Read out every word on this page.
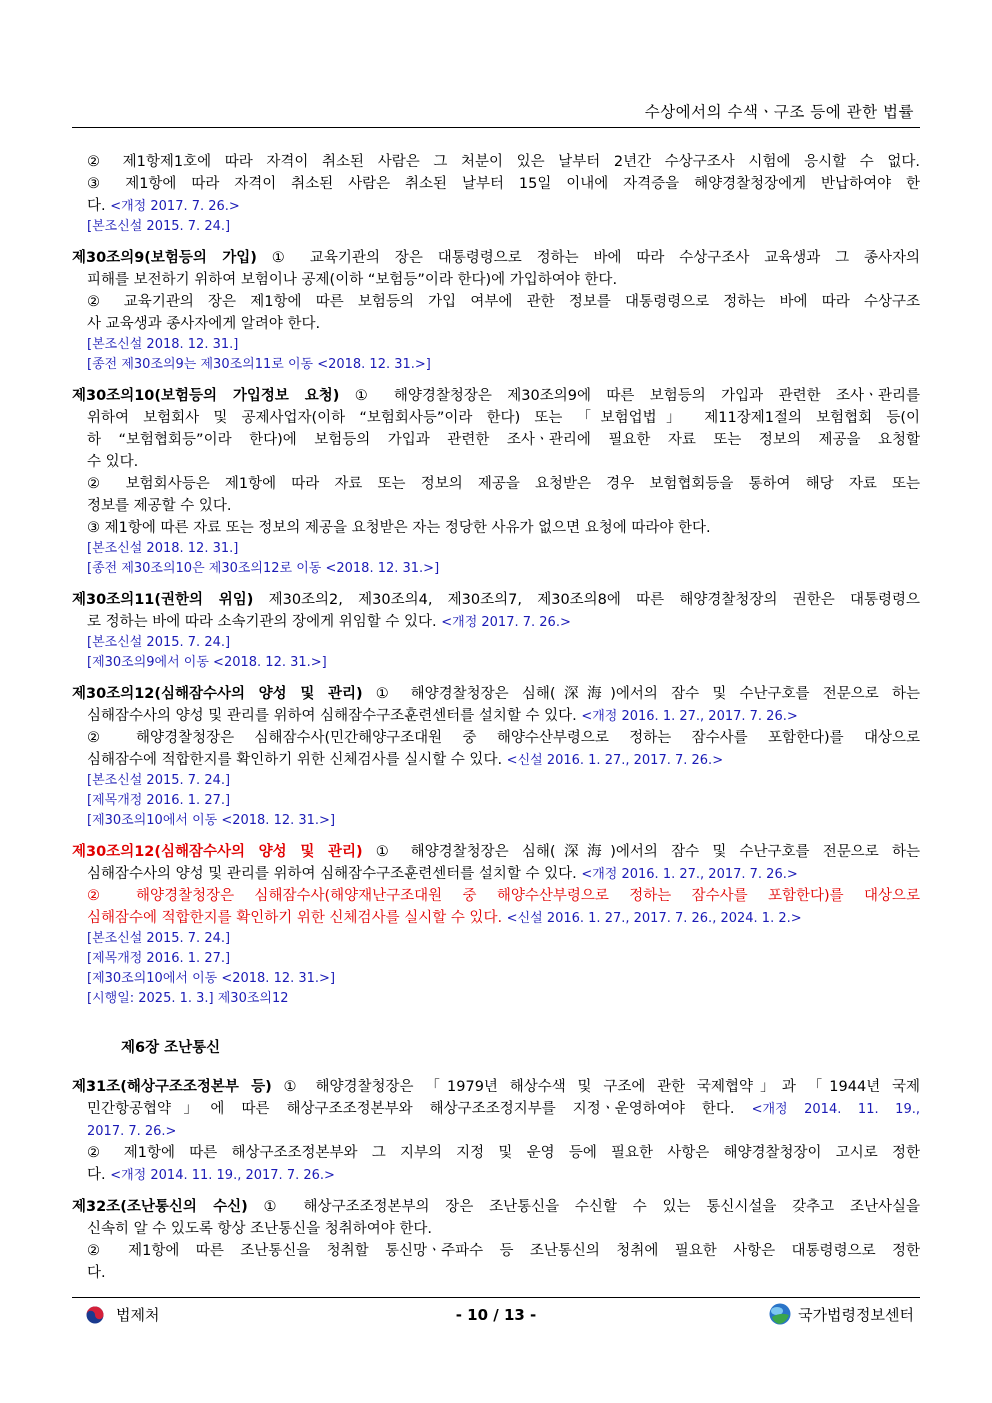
수상에서의 수색ㆍ구조 등에 관한 법률
② 제1항제1호에 따라 자격이 취소된 사람은 그 처분이 있은 날부터 2년간 수상구조사 시험에 응시할 수 없다.
③ 제1항에 따라 자격이 취소된 사람은 취소된 날부터 15일 이내에 자격증을 해양경찰청장에게 반납하여야 한
다. <개정 2017. 7. 26.>
[본조신설 2015. 7. 24.]
제30조의9(보험등의 가입) ① 교육기관의 장은 대통령령으로 정하는 바에 따라 수상구조사 교육생과 그 종사자의
피해를 보전하기 위하여 보험이나 공제(이하 “보험등”이라 한다)에 가입하여야 한다.
② 교육기관의 장은 제1항에 따른 보험등의 가입 여부에 관한 정보를 대통령령으로 정하는 바에 따라 수상구조
사 교육생과 종사자에게 알려야 한다.
[본조신설 2018. 12. 31.]
[종전 제30조의9는 제30조의11로 이동 <2018. 12. 31.>]
제30조의10(보험등의 가입정보 요청) ① 해양경찰청장은 제30조의9에 따른 보험등의 가입과 관련한 조사ㆍ관리를
위하여 보험회사 및 공제사업자(이하 “보험회사등”이라 한다) 또는 「보험업법」 제11장제1절의 보험협회 등(이
하 “보험협회등”이라 한다)에 보험등의 가입과 관련한 조사ㆍ관리에 필요한 자료 또는 정보의 제공을 요청할
수 있다.
② 보험회사등은 제1항에 따라 자료 또는 정보의 제공을 요청받은 경우 보험협회등을 통하여 해당 자료 또는
정보를 제공할 수 있다.
③ 제1항에 따른 자료 또는 정보의 제공을 요청받은 자는 정당한 사유가 없으면 요청에 따라야 한다.
[본조신설 2018. 12. 31.]
[종전 제30조의10은 제30조의12로 이동 <2018. 12. 31.>]
제30조의11(권한의 위임) 제30조의2, 제30조의4, 제30조의7, 제30조의8에 따른 해양경찰청장의 권한은 대통령령으
로 정하는 바에 따라 소속기관의 장에게 위임할 수 있다. <개정 2017. 7. 26.>
[본조신설 2015. 7. 24.]
[제30조의9에서 이동 <2018. 12. 31.>]
제30조의12(심해잠수사의 양성 및 관리) ① 해양경찰청장은 심해(深海)에서의 잠수 및 수난구호를 전문으로 하는
심해잠수사의 양성 및 관리를 위하여 심해잠수구조훈련센터를 설치할 수 있다. <개정 2016. 1. 27., 2017. 7. 26.>
② 해양경찰청장은 심해잠수사(민간해양구조대원 중 해양수산부령으로 정하는 잠수사를 포함한다)를 대상으로
심해잠수에 적합한지를 확인하기 위한 신체검사를 실시할 수 있다. <신설 2016. 1. 27., 2017. 7. 26.>
[본조신설 2015. 7. 24.]
[제목개정 2016. 1. 27.]
[제30조의10에서 이동 <2018. 12. 31.>]
제30조의12(심해잠수사의 양성 및 관리) ① 해양경찰청장은 심해(深海)에서의 잠수 및 수난구호를 전문으로 하는
심해잠수사의 양성 및 관리를 위하여 심해잠수구조훈련센터를 설치할 수 있다. <개정 2016. 1. 27., 2017. 7. 26.>
② 해양경찰청장은 심해잠수사(해양재난구조대원 중 해양수산부령으로 정하는 잠수사를 포함한다)를 대상으로
심해잠수에 적합한지를 확인하기 위한 신체검사를 실시할 수 있다. <신설 2016. 1. 27., 2017. 7. 26., 2024. 1. 2.>
[본조신설 2015. 7. 24.]
[제목개정 2016. 1. 27.]
[제30조의10에서 이동 <2018. 12. 31.>]
[시행일: 2025. 1. 3.] 제30조의12
제6장 조난통신
제31조(해상구조조정본부 등) ① 해양경찰청장은 「1979년 해상수색 및 구조에 관한 국제협약」과 「1944년 국제
민간항공협약」에 따른 해상구조조정본부와 해상구조조정지부를 지정ㆍ운영하여야 한다. <개정 2014. 11. 19.,
2017. 7. 26.>
② 제1항에 따른 해상구조조정본부와 그 지부의 지정 및 운영 등에 필요한 사항은 해양경찰청장이 고시로 정한
다. <개정 2014. 11. 19., 2017. 7. 26.>
제32조(조난통신의 수신) ① 해상구조조정본부의 장은 조난통신을 수신할 수 있는 통신시설을 갖추고 조난사실을
신속히 알 수 있도록 항상 조난통신을 청취하여야 한다.
② 제1항에 따른 조난통신을 청취할 통신망ㆍ주파수 등 조난통신의 청취에 필요한 사항은 대통령령으로 정한
다.
법제처	- 10 / 13 -	국가법령정보센터
